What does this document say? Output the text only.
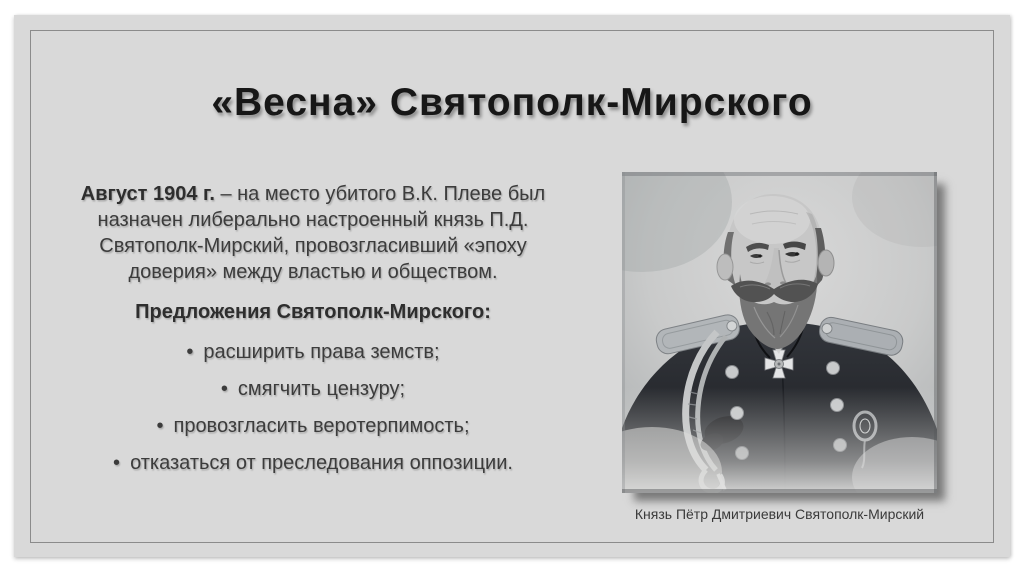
«Весна» Святополк-Мирского

Август 1904 г. – на место убитого В.К. Плеве был назначен либерально настроенный князь П.Д. Святополк-Мирский, провозгласивший «эпоху доверия» между властью и обществом.

Предложения Святополк-Мирского:

• расширить права земств;
• смягчить цензуру;
• провозгласить веротерпимость;
• отказаться от преследования оппозиции.
Князь Пётр Дмитриевич Святополк-Мирский
